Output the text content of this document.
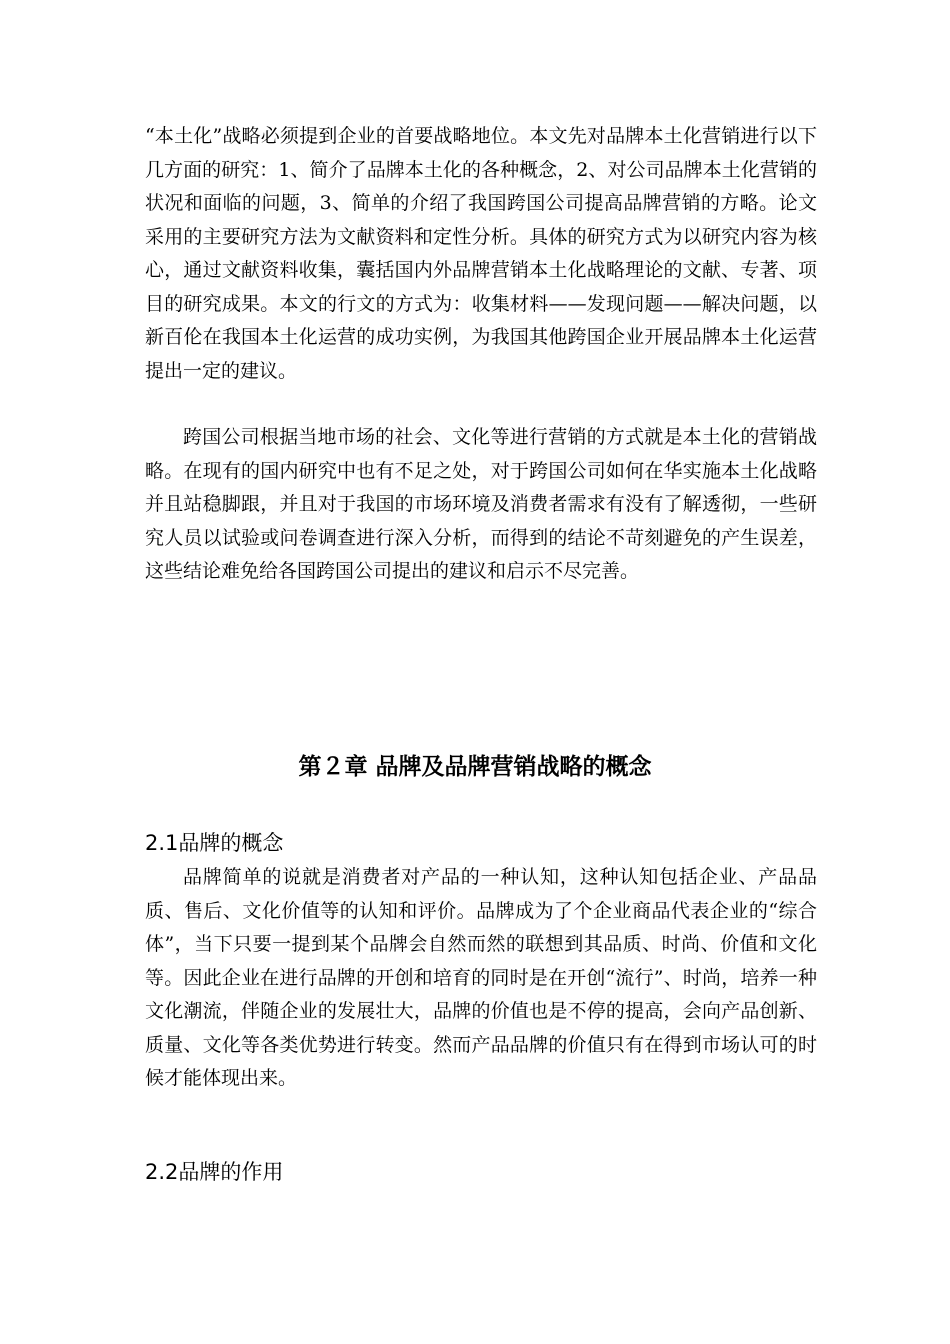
“本土化”战略必须提到企业的首要战略地位。本文先对品牌本土化营销进行以下几方面的研究：1、简介了品牌本土化的各种概念，2、对公司品牌本土化营销的状况和面临的问题，3、简单的介绍了我国跨国公司提高品牌营销的方略。论文采用的主要研究方法为文献资料和定性分析。具体的研究方式为以研究内容为核心，通过文献资料收集，囊括国内外品牌营销本土化战略理论的文献、专著、项目的研究成果。本文的行文的方式为：收集材料——发现问题——解决问题，以新百伦在我国本土化运营的成功实例，为我国其他跨国企业开展品牌本土化运营提出一定的建议。

跨国公司根据当地市场的社会、文化等进行营销的方式就是本土化的营销战略。在现有的国内研究中也有不足之处，对于跨国公司如何在华实施本土化战略并且站稳脚跟，并且对于我国的市场环境及消费者需求有没有了解透彻，一些研究人员以试验或问卷调查进行深入分析，而得到的结论不苛刻避免的产生误差，这些结论难免给各国跨国公司提出的建议和启示不尽完善。

第２章 品牌及品牌营销战略的概念
2.1品牌的概念

品牌简单的说就是消费者对产品的一种认知，这种认知包括企业、产品品质、售后、文化价值等的认知和评价。品牌成为了个企业商品代表企业的“综合体”，当下只要一提到某个品牌会自然而然的联想到其品质、时尚、价值和文化等。因此企业在进行品牌的开创和培育的同时是在开创“流行”、时尚，培养一种文化潮流，伴随企业的发展壮大，品牌的价值也是不停的提高，会向产品创新、质量、文化等各类优势进行转变。然而产品品牌的价值只有在得到市场认可的时候才能体现出来。

2.2品牌的作用
